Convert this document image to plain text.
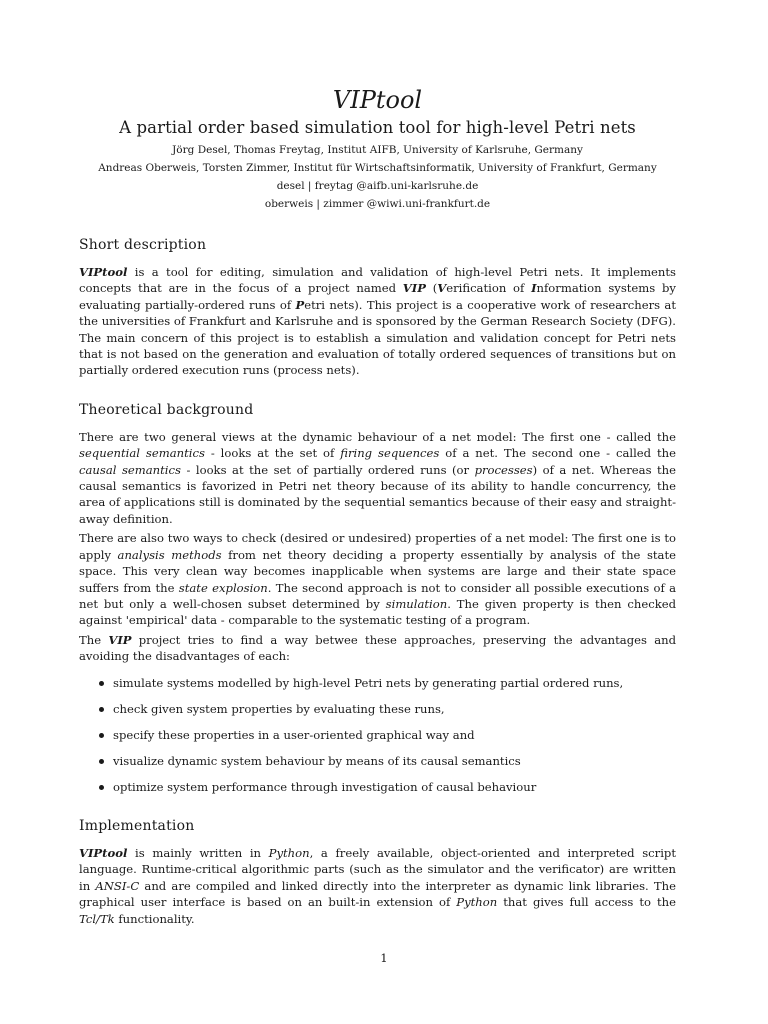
VIPtool
A partial order based simulation tool for high-level Petri nets
Jörg Desel, Thomas Freytag, Institut AIFB, University of Karlsruhe, Germany
Andreas Oberweis, Torsten Zimmer, Institut für Wirtschaftsinformatik, University of Frankfurt, Germany
desel | freytag @aifb.uni-karlsruhe.de
oberweis | zimmer @wiwi.uni-frankfurt.de
Short description

VIPtool is a tool for editing, simulation and validation of high-level Petri nets. It implements concepts that are in the focus of a project named VIP (Verification of Information systems by evaluating partially-ordered runs of Petri nets). This project is a cooperative work of researchers at the universities of Frankfurt and Karlsruhe and is sponsored by the German Research Society (DFG). The main concern of this project is to establish a simulation and validation concept for Petri nets that is not based on the generation and evaluation of totally ordered sequences of transitions but on partially ordered execution runs (process nets).

Theoretical background

There are two general views at the dynamic behaviour of a net model: The first one - called the sequential semantics - looks at the set of firing sequences of a net. The second one - called the causal semantics - looks at the set of partially ordered runs (or processes) of a net. Whereas the causal semantics is favorized in Petri net theory because of its ability to handle concurrency, the area of applications still is dominated by the sequential semantics because of their easy and straight-away definition.

There are also two ways to check (desired or undesired) properties of a net model: The first one is to apply analysis methods from net theory deciding a property essentially by analysis of the state space. This very clean way becomes inapplicable when systems are large and their state space suffers from the state explosion. The second approach is not to consider all possible executions of a net but only a well-chosen subset determined by simulation. The given property is then checked against 'empirical' data - comparable to the systematic testing of a program.

The VIP project tries to find a way betwee these approaches, preserving the advantages and avoiding the disadvantages of each:

simulate systems modelled by high-level Petri nets by generating partial ordered runs,
check given system properties by evaluating these runs,
specify these properties in a user-oriented graphical way and
visualize dynamic system behaviour by means of its causal semantics
optimize system performance through investigation of causal behaviour
Implementation

VIPtool is mainly written in Python, a freely available, object-oriented and interpreted script language. Runtime-critical algorithmic parts (such as the simulator and the verificator) are written in ANSI-C and are compiled and linked directly into the interpreter as dynamic link libraries. The graphical user interface is based on an built-in extension of Python that gives full access to the Tcl/Tk functionality.

1
